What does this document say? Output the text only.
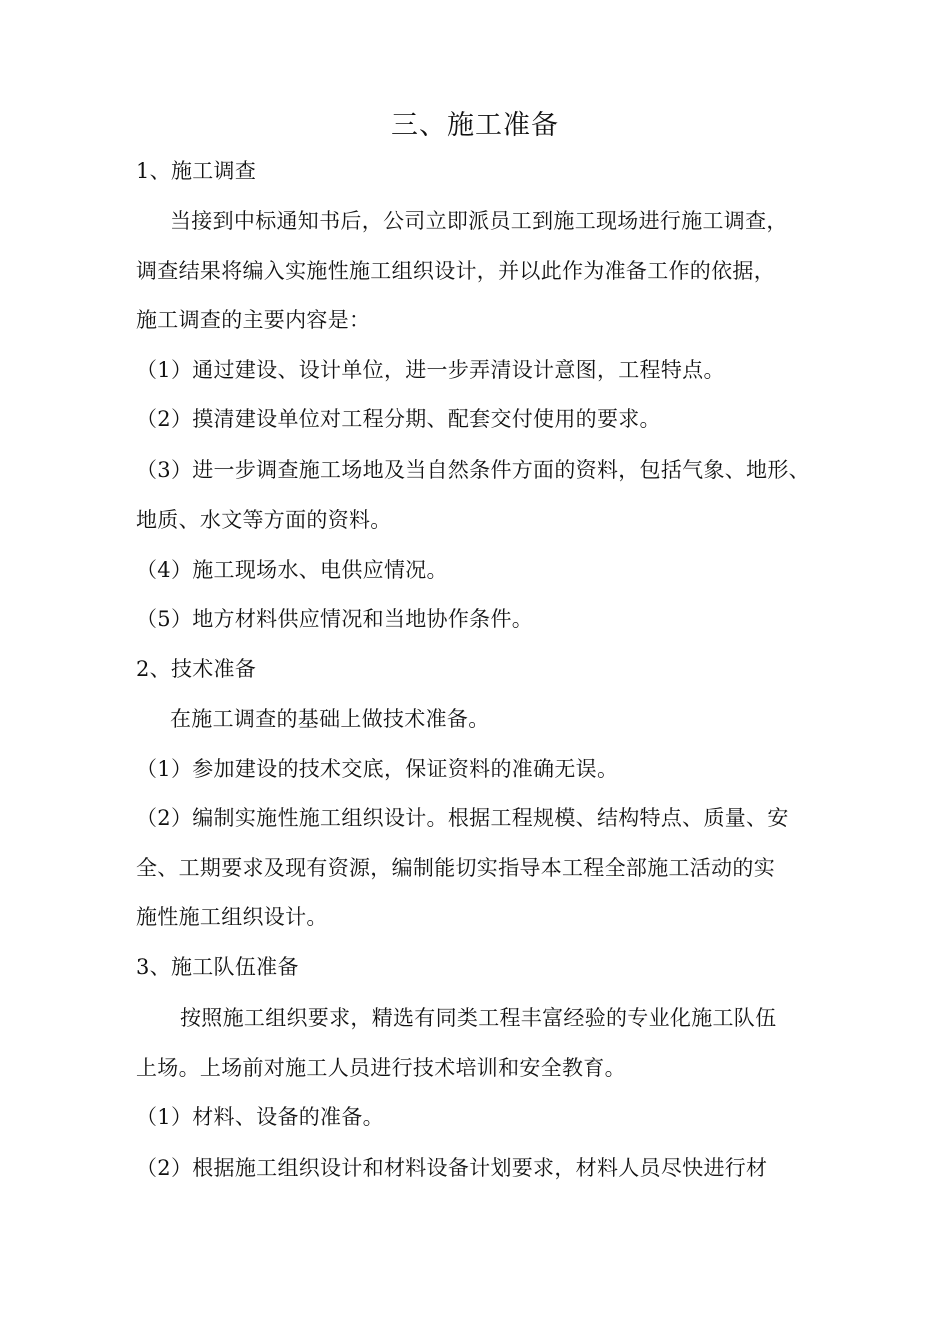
三、施工准备
1、施工调查
当接到中标通知书后，公司立即派员工到施工现场进行施工调查，
调查结果将编入实施性施工组织设计，并以此作为准备工作的依据，
施工调查的主要内容是：
（1）通过建设、设计单位，进一步弄清设计意图，工程特点。
（2）摸清建设单位对工程分期、配套交付使用的要求。
（3）进一步调查施工场地及当自然条件方面的资料，包括气象、地形、
地质、水文等方面的资料。
（4）施工现场水、电供应情况。
（5）地方材料供应情况和当地协作条件。
2、技术准备
在施工调查的基础上做技术准备。
（1）参加建设的技术交底，保证资料的准确无误。
（2）编制实施性施工组织设计。根据工程规模、结构特点、质量、安
全、工期要求及现有资源，编制能切实指导本工程全部施工活动的实
施性施工组织设计。
3、施工队伍准备
按照施工组织要求，精选有同类工程丰富经验的专业化施工队伍
上场。上场前对施工人员进行技术培训和安全教育。
（1）材料、设备的准备。
（2）根据施工组织设计和材料设备计划要求，材料人员尽快进行材
